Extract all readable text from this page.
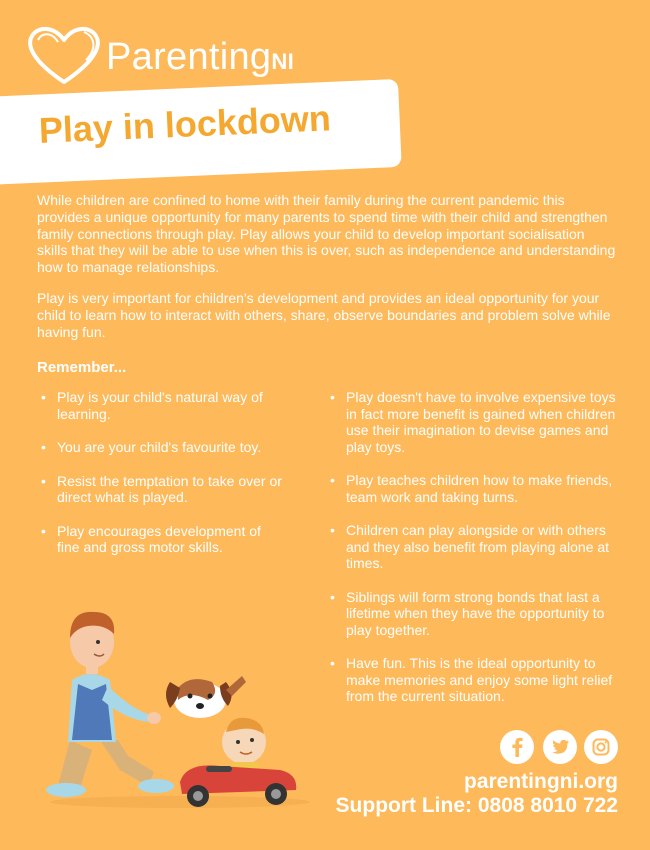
ParentingNI
Play in lockdown
While children are confined to home with their family during the current pandemic this provides a unique opportunity for many parents to spend time with their child and strengthen family connections through play. Play allows your child to develop important socialisation skills that they will be able to use when this is over, such as independence and understanding how to manage relationships.
Play is very important for children's development and provides an ideal opportunity for your child to learn how to interact with others, share, observe boundaries and problem solve while having fun.
Remember...
• Play is your child's natural way of learning.
• You are your child's favourite toy.
• Resist the temptation to take over or direct what is played.
• Play encourages development of fine and gross motor skills.
• Play doesn't have to involve expensive toys in fact more benefit is gained when children use their imagination to devise games and play toys.
• Play teaches children how to make friends, team work and taking turns.
• Children can play alongside or with others and they also benefit from playing alone at times.
• Siblings will form strong bonds that last a lifetime when they have the opportunity to play together.
• Have fun. This is the ideal opportunity to make memories and enjoy some light relief from the current situation.
parentingni.org
Support Line: 0808 8010 722
